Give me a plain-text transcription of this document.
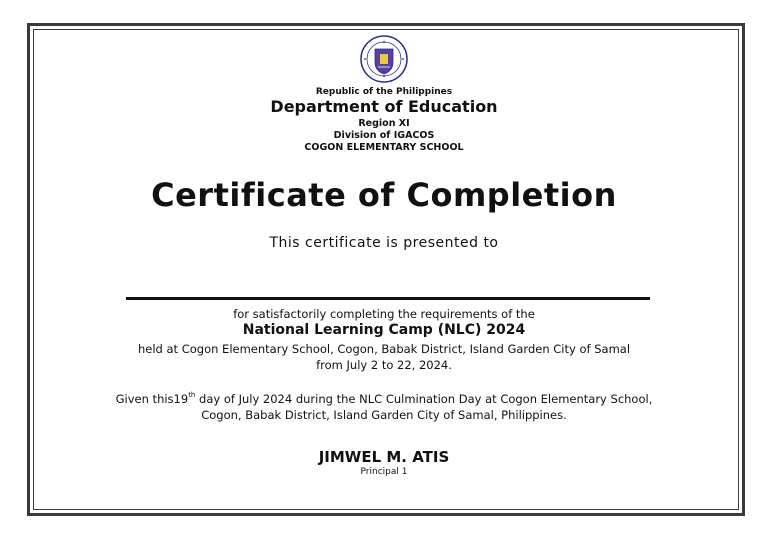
Republic of the Philippines
Department of Education
Region XI
Division of IGACOS
COGON ELEMENTARY SCHOOL
Certificate of Completion
This certificate is presented to
for satisfactorily completing the requirements of the
National Learning Camp (NLC) 2024
held at Cogon Elementary School, Cogon, Babak District, Island Garden City of Samal
from July 2 to 22, 2024.
Given this19th day of July 2024 during the NLC Culmination Day at Cogon Elementary School,
Cogon, Babak District, Island Garden City of Samal, Philippines.
JIMWEL M. ATIS
Principal 1
